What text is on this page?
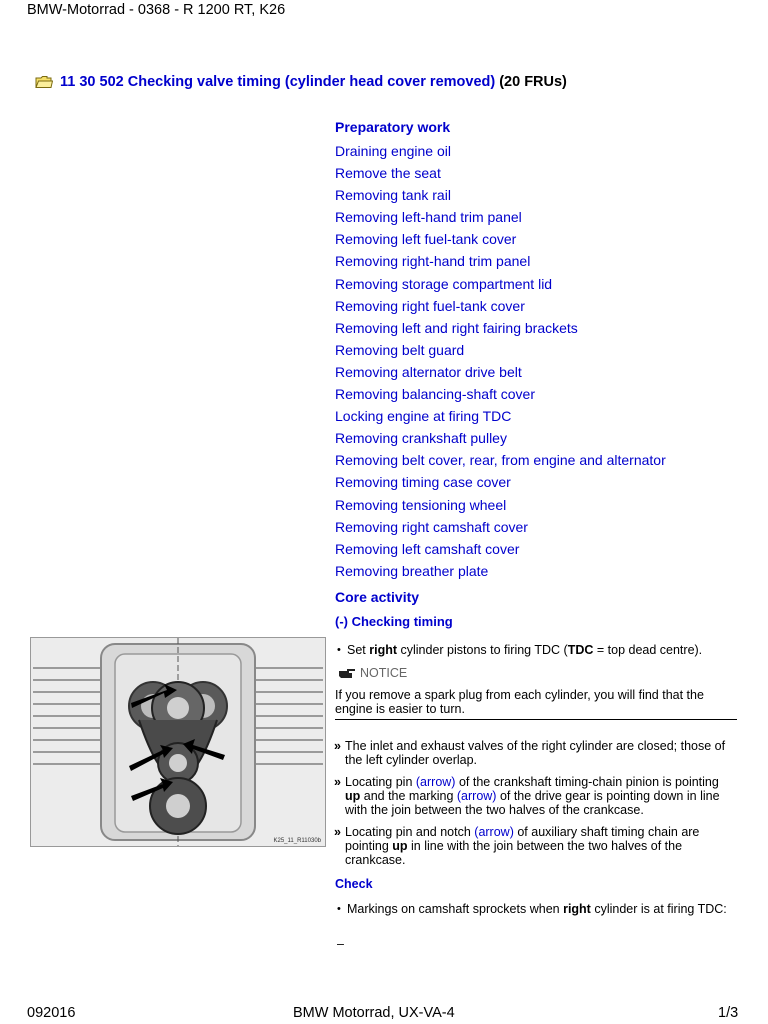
BMW-Motorrad - 0368 - R 1200 RT, K26
11 30 502 Checking valve timing (cylinder head cover removed) (20 FRUs)
Preparatory work
Draining engine oil
Remove the seat
Removing tank rail
Removing left-hand trim panel
Removing left fuel-tank cover
Removing right-hand trim panel
Removing storage compartment lid
Removing right fuel-tank cover
Removing left and right fairing brackets
Removing belt guard
Removing alternator drive belt
Removing balancing-shaft cover
Locking engine at firing TDC
Removing crankshaft pulley
Removing belt cover, rear, from engine and alternator
Removing timing case cover
Removing tensioning wheel
Removing right camshaft cover
Removing left camshaft cover
Removing breather plate
Core activity
(-) Checking timing
K25_11_R11030b
• Set right cylinder pistons to firing TDC (TDC = top dead centre).
NOTICE
If you remove a spark plug from each cylinder, you will find that the engine is easier to turn.
» The inlet and exhaust valves of the right cylinder are closed; those of the left cylinder overlap.
» Locating pin (arrow) of the crankshaft timing-chain pinion is pointing up and the marking (arrow) of the drive gear is pointing down in line with the join between the two halves of the crankcase.
» Locating pin and notch (arrow) of auxiliary shaft timing chain are pointing up in line with the join between the two halves of the crankcase.
Check
• Markings on camshaft sprockets when right cylinder is at firing TDC:
–
092016	BMW Motorrad, UX-VA-4	1/3
